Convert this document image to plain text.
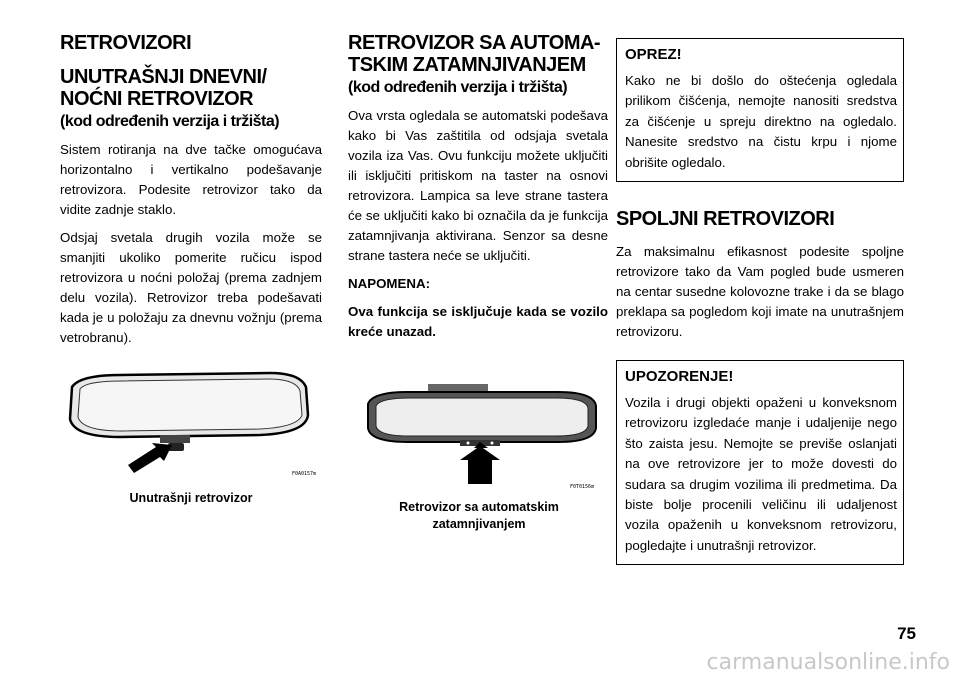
RETROVIZORI
UNUTRAŠNJI DNEVNI/
NOĆNI RETROVIZOR
(kod određenih verzija i tržišta)

Sistem rotiranja na dve tačke omogućava horizontalno i vertikalno podešavanje retrovizora. Podesite retrovizor tako da vidite zadnje staklo.

Odsjaj svetala drugih vozila može se smanjiti ukoliko pomerite ručicu ispod retrovizora u noćni položaj (prema zadnjem delu vozila). Retrovizor treba podešavati kada je u položaju za dnevnu vožnju (prema vetrobranu).

F0A0157m
Unutrašnji retrovizor
RETROVIZOR SA AUTOMA-
TSKIM ZATAMNJIVANJEM
(kod određenih verzija i tržišta)

Ova vrsta ogledala se automatski podešava kako bi Vas zaštitila od odsjaja svetala vozila iza Vas. Ovu funkciju možete uključiti ili isključiti pritiskom na taster na osnovi retrovizora. Lampica sa leve strane tastera će se uključiti kako bi označila da je funkcija zatamnjivanja aktivirana. Senzor sa desne strane tastera neće se uključiti.

NAPOMENA:

Ova funkcija se isključuje kada se vozilo kreće unazad.

F0T0156m
Retrovizor sa automatskim
zatamnjivanjem
OPREZ!

Kako ne bi došlo do oštećenja ogledala prilikom čišćenja, nemojte nanositi sredstva za čišćenje u spreju direktno na ogledalo. Nanesite sredstvo na čistu krpu i njome obrišite ogledalo.

SPOLJNI RETROVIZORI

Za maksimalnu efikasnost podesite spoljne retrovizore tako da Vam pogled bude usmeren na centar susedne kolovozne trake i da se blago preklapa sa pogledom koji imate na unutrašnjem retrovizoru.

UPOZORENJE!

Vozila i drugi objekti opaženi u konveksnom retrovizoru izgledaće manje i udaljenije nego što zaista jesu. Nemojte se previše oslanjati na ove retrovizore jer to može dovesti do sudara sa drugim vozilima ili predmetima. Da biste bolje procenili veličinu ili udaljenost vozila opaženih u konveksnom retrovizoru, pogledajte i unutrašnji retrovizor.

75
carmanualsonline.info
